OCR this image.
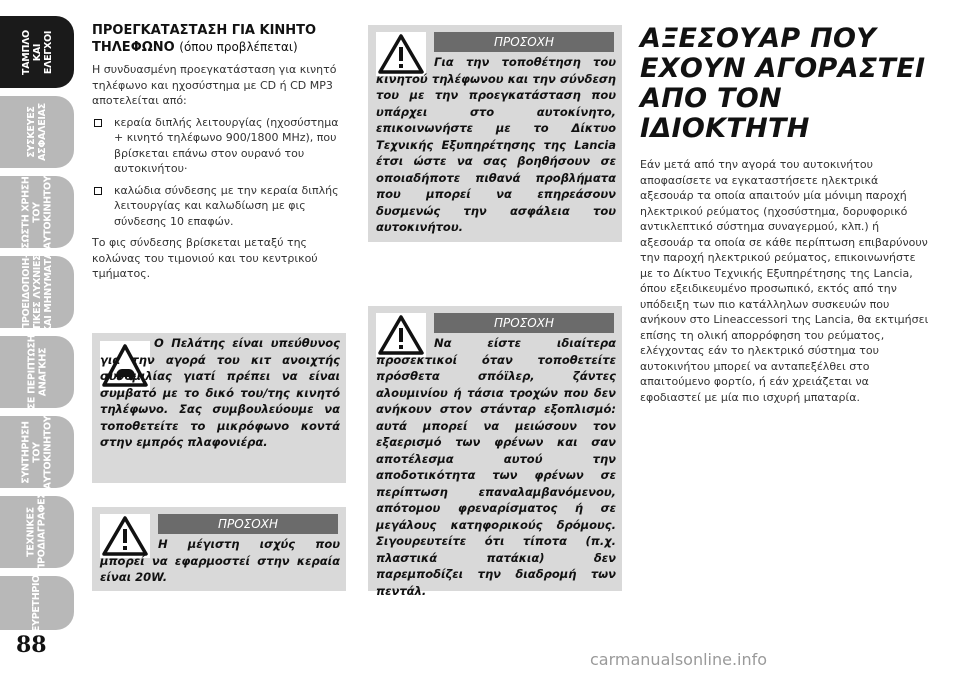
ΤΑΜΠΛΟ
ΚΑΙ
ΕΛΕΓΧΟΙ
ΣΥΣΚΕΥΕΣ
ΑΣΦΑΛΕΙΑΣ
ΣΩΣΤΗ ΧΡΗΣΗ
ΤΟΥ
ΑΥΤΟΚΙΝΗΤΟΥ
ΠΡΟΕΙΔΟΠΟΙΗ-
ΤΙΚΕΣ ΛΥΧΝΙΕΣ
ΚΑΙ ΜΗΝΥΜΑΤΑ
ΣΕ ΠΕΡΙΠΤΩΣΗ
ΑΝΑΓΚΗΣ
ΣΥΝΤΗΡΗΣΗ
ΤΟΥ
ΑΥΤΟΚΙΝΗΤΟΥ
ΤΕΧΝΙΚΕΣ
ΠΡΟΔΙΑΓΡΑΦΕΣ
ΕΥΡΕΤΗΡΙΟ
88

ΠΡΟΕΓΚΑΤΑΣΤΑΣΗ ΓΙΑ ΚΙΝΗΤΟ ΤΗΛΕΦΩΝΟ (όπου προβλέπεται)

Η συνδυασμένη προεγκατάσταση για κινητό τηλέφωνο και ηχοσύστημα με CD ή CD MP3 αποτελείται από:

κεραία διπλής λειτουργίας (ηχοσύστημα + κινητό τηλέφωνο 900/1800 MHz), που βρίσκεται επάνω στον ουρανό του αυτοκινήτου·
καλώδια σύνδεσης με την κεραία διπλής λειτουργίας και καλωδίωση με φις σύνδεσης 10 επαφών.

Το φις σύνδεσης βρίσκεται μεταξύ της κολώνας του τιμονιού και του κεντρικού τμήματος.

Ο Πελάτης είναι υπεύθυνος για την αγορά του κιτ ανοιχτής συνομιλίας γιατί πρέπει να είναι συμβατό με το δικό του/της κινητό τηλέφωνο. Σας συμβουλεύουμε να τοποθετείτε το μικρόφωνο κοντά στην εμπρός πλαφονιέρα.
ΠΡΟΣΟΧΗ
Η μέγιστη ισχύς που μπορεί να εφαρμοστεί στην κεραία είναι 20W.
ΠΡΟΣΟΧΗ
Για την τοποθέτηση του κινητού τηλέφωνου και την σύνδεση του με την προεγκατάσταση που υπάρχει στο αυτοκίνητο, επικοινωνήστε με το Δίκτυο Τεχνικής Εξυπηρέτησης της Lancia έτσι ώστε να σας βοηθήσουν σε οποιαδήποτε πιθανά προβλήματα που μπορεί να επηρεάσουν δυσμενώς την ασφάλεια του αυτοκινήτου.
ΠΡΟΣΟΧΗ
Να είστε ιδιαίτερα προσεκτικοί όταν τοποθετείτε πρόσθετα σπόϊλερ, ζάντες αλουμινίου ή τάσια τροχών που δεν ανήκουν στον στάνταρ εξοπλισμό: αυτά μπορεί να μειώσουν τον εξαερισμό των φρένων και σαν αποτέλεσμα αυτού την αποδοτικότητα των φρένων σε περίπτωση επαναλαμβανόμενου, απότομου φρεναρίσματος ή σε μεγάλους κατηφορικούς δρόμους. Σιγουρευτείτε ότι τίποτα (π.χ. πλαστικά πατάκια) δεν παρεμποδίζει την διαδρομή των πεντάλ.
ΑΞΕΣΟΥΑΡ ΠΟΥ ΕΧΟΥΝ ΑΓΟΡΑΣΤΕΙ ΑΠΟ ΤΟΝ ΙΔΙΟΚΤΗΤΗ

Εάν μετά από την αγορά του αυτοκινήτου αποφασίσετε να εγκαταστήσετε ηλεκτρικά αξεσουάρ τα οποία απαιτούν μία μόνιμη παροχή ηλεκτρικού ρεύματος (ηχοσύστημα, δορυφορικό αντικλεπτικό σύστημα συναγερμού, κλπ.) ή αξεσουάρ τα οποία σε κάθε περίπτωση επιβαρύνουν την παροχή ηλεκτρικού ρεύματος, επικοινωνήστε με το Δίκτυο Τεχνικής Εξυπηρέτησης της Lancia, όπου εξειδικευμένο προσωπικό, εκτός από την υπόδειξη των πιο κατάλληλων συσκευών που ανήκουν στο Lineaccessori της Lancia, θα εκτιμήσει επίσης τη ολική απορρόφηση του ρεύματος, ελέγχοντας εάν το ηλεκτρικό σύστημα του αυτοκινήτου μπορεί να ανταπεξέλθει στο απαιτούμενο φορτίο, ή εάν χρειάζεται να εφοδιαστεί με μία πιο ισχυρή μπαταρία.

carmanualsonline.info
